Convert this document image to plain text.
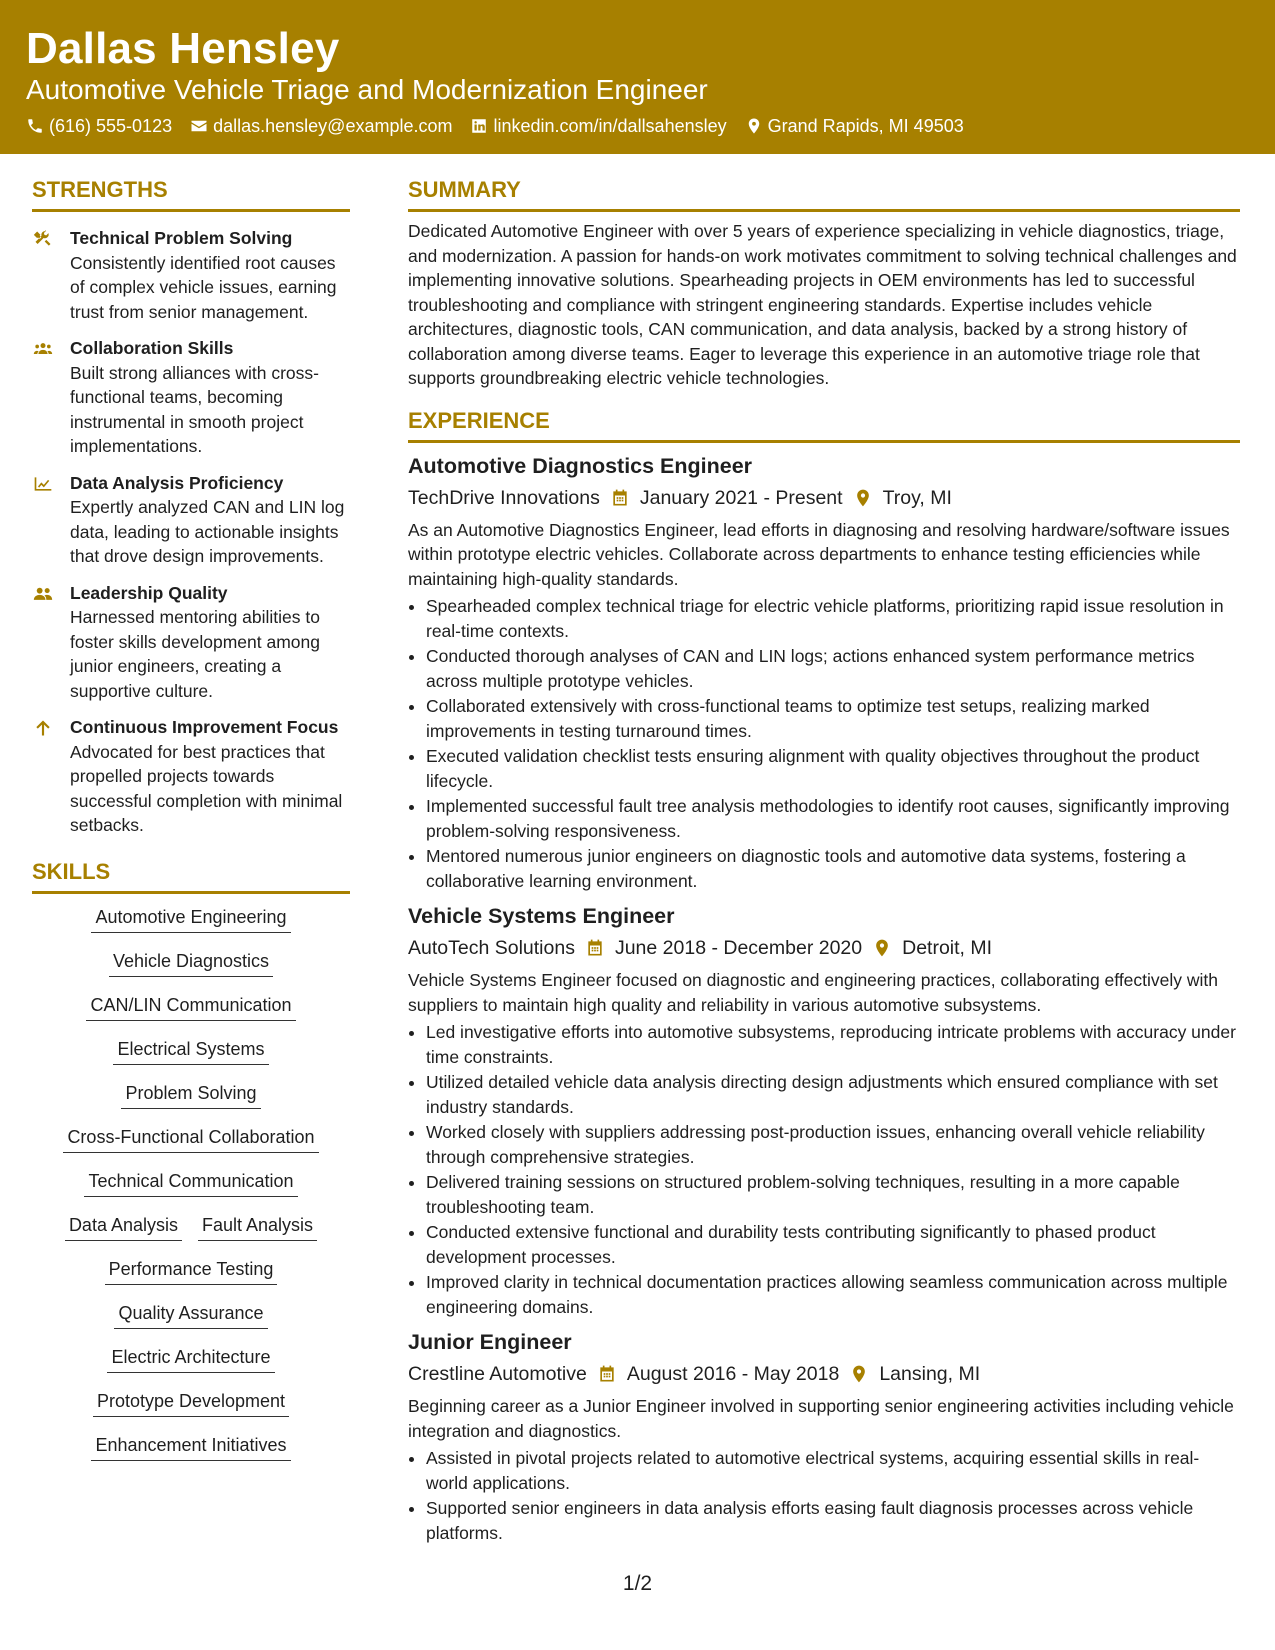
Dallas Hensley
Automotive Vehicle Triage and Modernization Engineer
(616) 555-0123 dallas.hensley@example.com linkedin.com/in/dallsahensley Grand Rapids, MI 49503
STRENGTHS
Technical Problem Solving
Consistently identified root causes of complex vehicle issues, earning trust from senior management.
Collaboration Skills
Built strong alliances with cross-functional teams, becoming instrumental in smooth project implementations.
Data Analysis Proficiency
Expertly analyzed CAN and LIN log data, leading to actionable insights that drove design improvements.
Leadership Quality
Harnessed mentoring abilities to foster skills development among junior engineers, creating a supportive culture.
Continuous Improvement Focus
Advocated for best practices that propelled projects towards successful completion with minimal setbacks.
SKILLS
Automotive Engineering
Vehicle Diagnostics
CAN/LIN Communication
Electrical Systems
Problem Solving
Cross-Functional Collaboration
Technical Communication
Data Analysis Fault Analysis
Performance Testing
Quality Assurance
Electric Architecture
Prototype Development
Enhancement Initiatives
SUMMARY
Dedicated Automotive Engineer with over 5 years of experience specializing in vehicle diagnostics, triage, and modernization. A passion for hands-on work motivates commitment to solving technical challenges and implementing innovative solutions. Spearheading projects in OEM environments has led to successful troubleshooting and compliance with stringent engineering standards. Expertise includes vehicle architectures, diagnostic tools, CAN communication, and data analysis, backed by a strong history of collaboration among diverse teams. Eager to leverage this experience in an automotive triage role that supports groundbreaking electric vehicle technologies.
EXPERIENCE
Automotive Diagnostics Engineer
TechDrive Innovations January 2021 - Present Troy, MI
As an Automotive Diagnostics Engineer, lead efforts in diagnosing and resolving hardware/software issues within prototype electric vehicles. Collaborate across departments to enhance testing efficiencies while maintaining high-quality standards.
• Spearheaded complex technical triage for electric vehicle platforms, prioritizing rapid issue resolution in real-time contexts.
• Conducted thorough analyses of CAN and LIN logs; actions enhanced system performance metrics across multiple prototype vehicles.
• Collaborated extensively with cross-functional teams to optimize test setups, realizing marked improvements in testing turnaround times.
• Executed validation checklist tests ensuring alignment with quality objectives throughout the product lifecycle.
• Implemented successful fault tree analysis methodologies to identify root causes, significantly improving problem-solving responsiveness.
• Mentored numerous junior engineers on diagnostic tools and automotive data systems, fostering a collaborative learning environment.
Vehicle Systems Engineer
AutoTech Solutions June 2018 - December 2020 Detroit, MI
Vehicle Systems Engineer focused on diagnostic and engineering practices, collaborating effectively with suppliers to maintain high quality and reliability in various automotive subsystems.
• Led investigative efforts into automotive subsystems, reproducing intricate problems with accuracy under time constraints.
• Utilized detailed vehicle data analysis directing design adjustments which ensured compliance with set industry standards.
• Worked closely with suppliers addressing post-production issues, enhancing overall vehicle reliability through comprehensive strategies.
• Delivered training sessions on structured problem-solving techniques, resulting in a more capable troubleshooting team.
• Conducted extensive functional and durability tests contributing significantly to phased product development processes.
• Improved clarity in technical documentation practices allowing seamless communication across multiple engineering domains.
Junior Engineer
Crestline Automotive August 2016 - May 2018 Lansing, MI
Beginning career as a Junior Engineer involved in supporting senior engineering activities including vehicle integration and diagnostics.
• Assisted in pivotal projects related to automotive electrical systems, acquiring essential skills in real-world applications.
• Supported senior engineers in data analysis efforts easing fault diagnosis processes across vehicle platforms.
1/2
